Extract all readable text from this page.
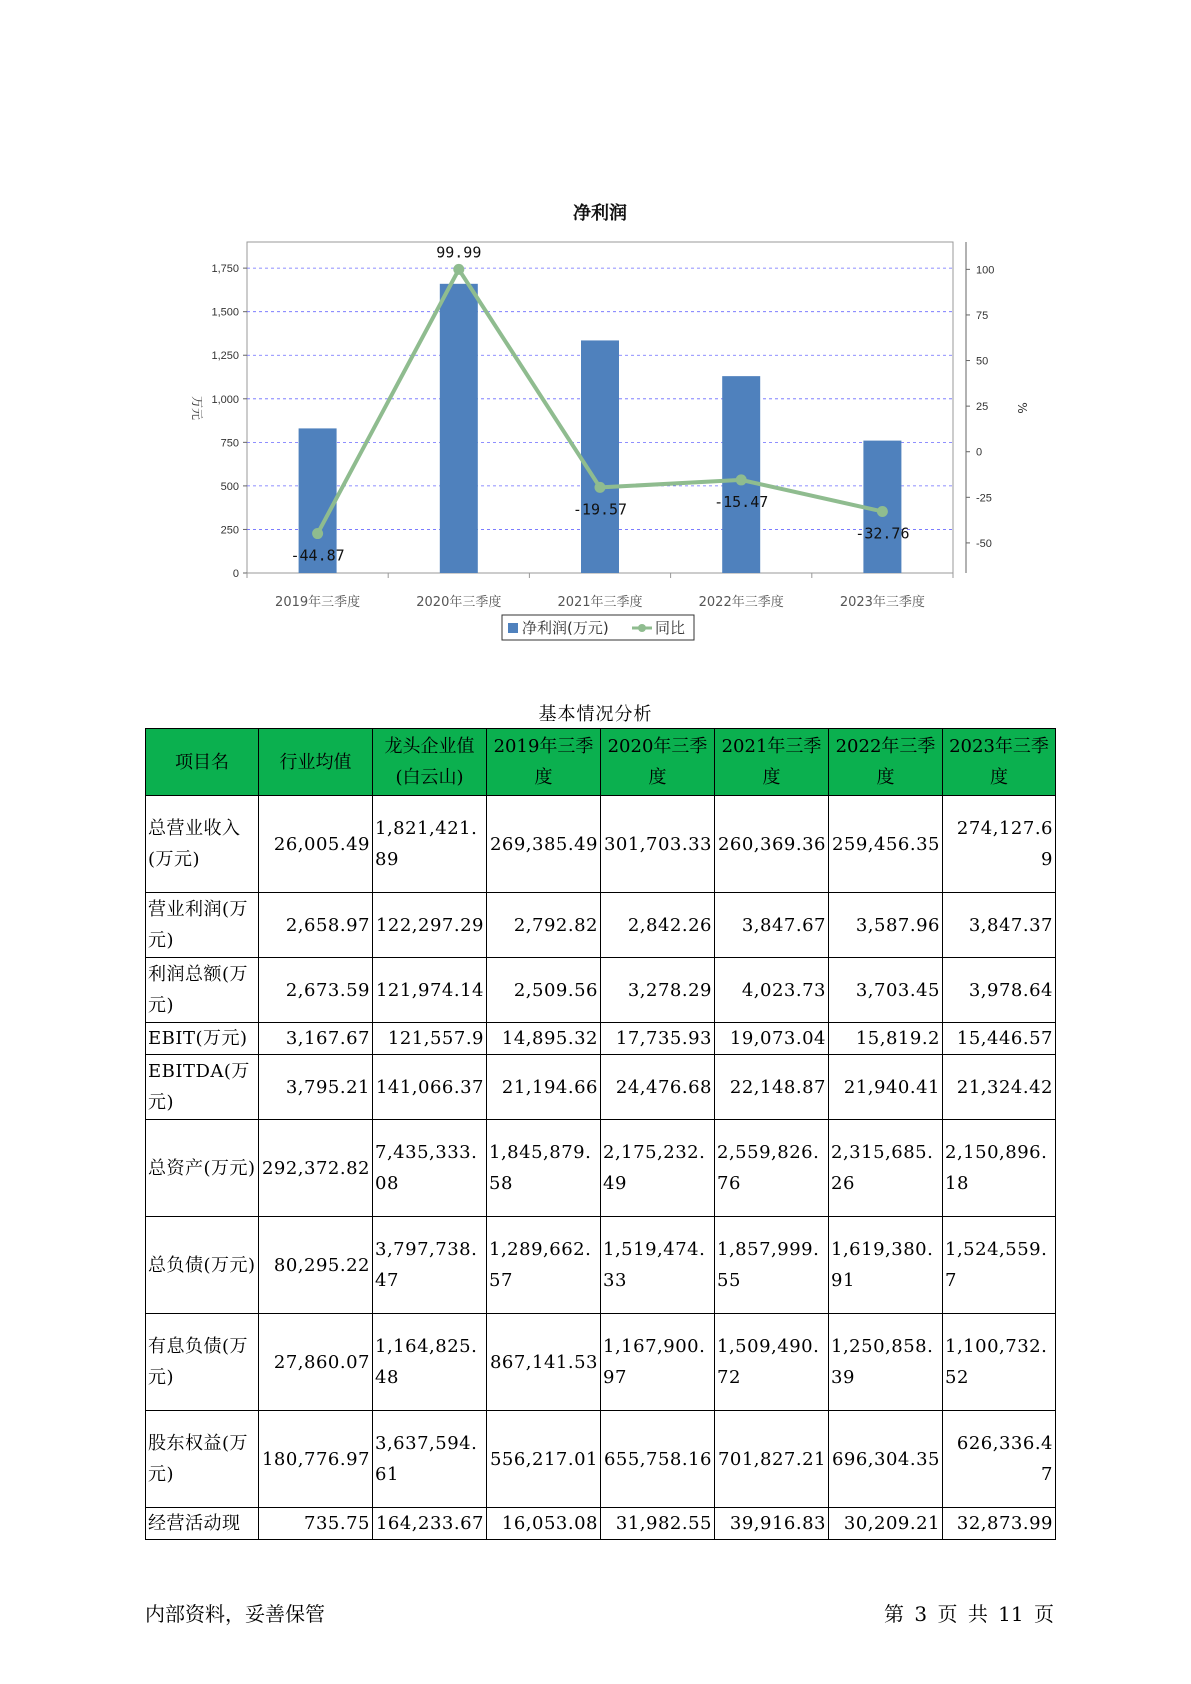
净利润
0
250
500
750
1,000
1,250
1,500
1,750
-50
-25
0
25
50
75
100
万元	%
2019年三季度	2020年三季度	2021年三季度	2022年三季度	2023年三季度
-44.87
99.99
-19.57	-15.47
-32.76
净利润(万元)	同比
基本情况分析
项目名	行业均值	龙头企业值(白云山)	2019年三季度	2020年三季度	2021年三季度	2022年三季度	2023年三季度
总营业收入(万元)	26,005.49	1,821,421.89	269,385.49	301,703.33	260,369.36	259,456.35	274,127.69
营业利润(万元)	2,658.97	122,297.29	2,792.82	2,842.26	3,847.67	3,587.96	3,847.37
利润总额(万元)	2,673.59	121,974.14	2,509.56	3,278.29	4,023.73	3,703.45	3,978.64
EBIT(万元)	3,167.67	121,557.9	14,895.32	17,735.93	19,073.04	15,819.2	15,446.57
EBITDA(万元)	3,795.21	141,066.37	21,194.66	24,476.68	22,148.87	21,940.41	21,324.42
总资产(万元)	292,372.82	7,435,333.08	1,845,879.58	2,175,232.49	2,559,826.76	2,315,685.26	2,150,896.18
总负债(万元)	80,295.22	3,797,738.47	1,289,662.57	1,519,474.33	1,857,999.55	1,619,380.91	1,524,559.7
有息负债(万元)	27,860.07	1,164,825.48	867,141.53	1,167,900.97	1,509,490.72	1,250,858.39	1,100,732.52
股东权益(万元)	180,776.97	3,637,594.61	556,217.01	655,758.16	701,827.21	696,304.35	626,336.47
经营活动现	735.75	164,233.67	16,053.08	31,982.55	39,916.83	30,209.21	32,873.99
内部资料，妥善保管	第 3 页 共 11 页
